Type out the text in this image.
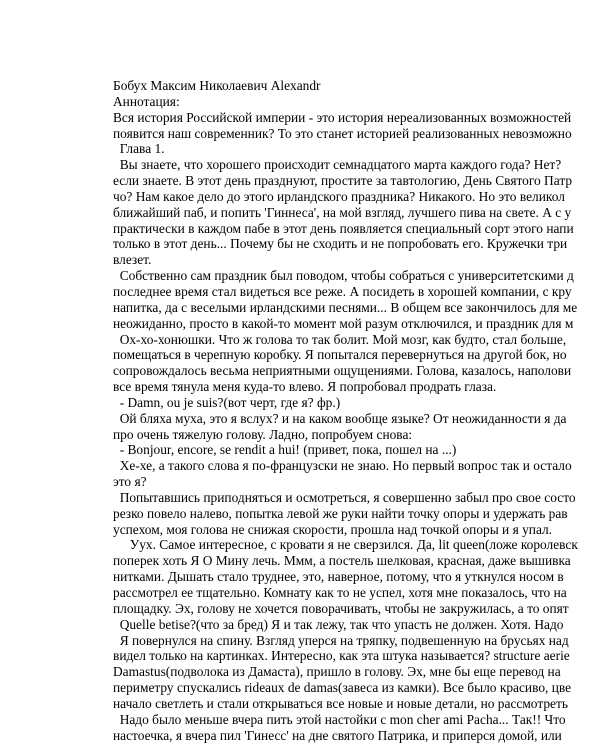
Бобух Максим Николаевич Alexandr
Аннотация:
Вся история Российской империи - это история нереализованных возможностей
появится наш современник? То это станет историей реализованных невозможно
Глава 1.
Вы знаете, что хорошего происходит семнадцатого марта каждого года? Нет?
если знаете. В этот день празднуют, простите за тавтологию, День Святого Патр
чо? Нам какое дело до этого ирландского праздника? Никакого. Но это великол
ближайший паб, и попить 'Гиннеса', на мой взгляд, лучшего пива на свете. А с у
практически в каждом пабе в этот день появляется специальный сорт этого напи
только в этот день... Почему бы не сходить и не попробовать его. Кружечки три
влезет.
Собственно сам праздник был поводом, чтобы собраться с университетскими д
последнее время стал видеться все реже. А посидеть в хорошей компании, с кру
напитка, да с веселыми ирландскими песнями... В общем все закончилось для ме
неожиданно, просто в какой-то момент мой разум отключился, и праздник для м
Ох-хо-хонюшки. Что ж голова то так болит. Мой мозг, как будто, стал больше,
помещаться в черепную коробку. Я попытался перевернуться на другой бок, но
сопровождалось весьма неприятными ощущениями. Голова, казалось, наполови
все время тянула меня куда-то влево. Я попробовал продрать глаза.
- Damn, ou je suis?(вот черт, где я? фр.)
Ой бляха муха, это я вслух? и на каком вообще языке? От неожиданности я да
про очень тяжелую голову. Ладно, попробуем снова:
- Bonjour, encore, se rendit a hui! (привет, пока, пошел на ...)
Хе-хе, а такого слова я по-французски не знаю. Но первый вопрос так и остало
это я?
Попытавшись приподняться и осмотреться, я совершенно забыл про свое состо
резко повело налево, попытка левой же руки найти точку опоры и удержать рав
успехом, моя голова не снижая скорости, прошла над точкой опоры и я упал.
Уух. Самое интересное, с кровати я не сверзился. Да, lit queen(ложе королевск
поперек хоть Я О Мину лечь. Ммм, а постель шелковая, красная, даже вышивка
нитками. Дышать стало труднее, это, наверное, потому, что я уткнулся носом в
рассмотрел ее тщательно. Комнату как то не успел, хотя мне показалось, что на
площадку. Эх, голову не хочется поворачивать, чтобы не закружилась, а то опят
Quelle betise?(что за бред) Я и так лежу, так что упасть не должен. Хотя. Надо
Я повернулся на спину. Взгляд уперся на тряпку, подвешенную на брусьях над
видел только на картинках. Интересно, как эта штука называется? structure aerie
Damastus(подволока из Дамаста), пришло в голову. Эх, мне бы еще перевод на
периметру спускались rideaux de damas(завеса из камки). Все было красиво, цве
начало светлеть и стали открываться все новые и новые детали, но рассмотреть
Надо было меньше вчера пить этой настойки с mon cher ami Pacha... Так!! Что
настоечка, я вчера пил 'Гинесс' на дне святого Патрика, и приперся домой, или
